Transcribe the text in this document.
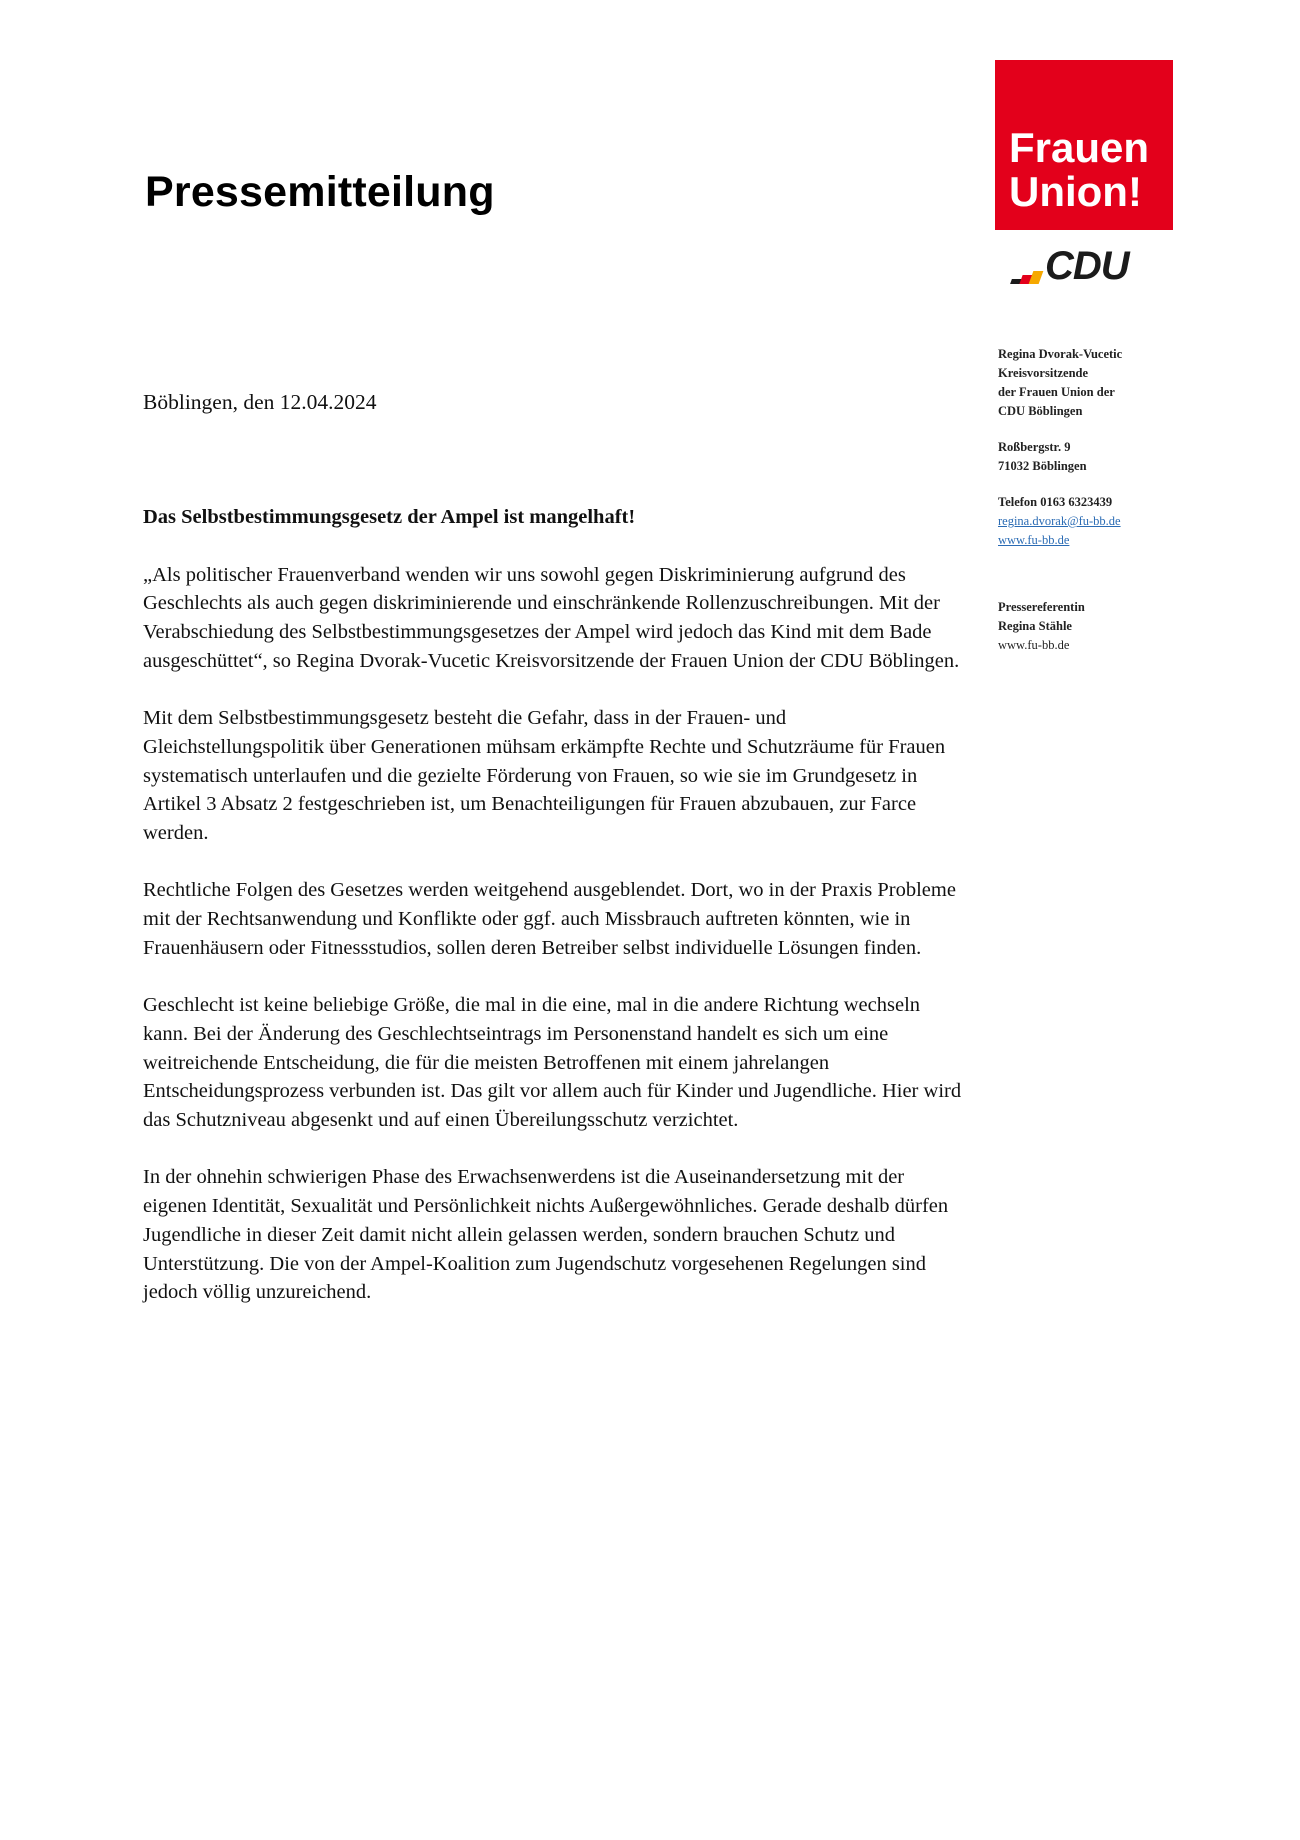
Pressemitteilung
Frauen
Union!
CDU
Regina Dvorak-Vucetic
Kreisvorsitzende
der Frauen Union der
CDU Böblingen
Roßbergstr. 9
71032 Böblingen
Telefon 0163 6323439
regina.dvorak@fu-bb.de
www.fu-bb.de
Pressereferentin
Regina Stähle
www.fu-bb.de
Böblingen, den 12.04.2024
Das Selbstbestimmungsgesetz der Ampel ist mangelhaft!

„Als politischer Frauenverband wenden wir uns sowohl gegen Diskriminierung aufgrund des Geschlechts als auch gegen diskriminierende und einschränkende Rollenzuschreibungen. Mit der Verabschiedung des Selbstbestimmungsgesetzes der Ampel wird jedoch das Kind mit dem Bade ausgeschüttet“, so Regina Dvorak-Vucetic Kreisvorsitzende der Frauen Union der CDU Böblingen.

Mit dem Selbstbestimmungsgesetz besteht die Gefahr, dass in der Frauen- und Gleichstellungspolitik über Generationen mühsam erkämpfte Rechte und Schutzräume für Frauen systematisch unterlaufen und die gezielte Förderung von Frauen, so wie sie im Grundgesetz in Artikel 3 Absatz 2 festgeschrieben ist, um Benachteiligungen für Frauen abzubauen, zur Farce werden.

Rechtliche Folgen des Gesetzes werden weitgehend ausgeblendet. Dort, wo in der Praxis Probleme mit der Rechtsanwendung und Konflikte oder ggf. auch Missbrauch auftreten könnten, wie in Frauenhäusern oder Fitnessstudios, sollen deren Betreiber selbst individuelle Lösungen finden.

Geschlecht ist keine beliebige Größe, die mal in die eine, mal in die andere Richtung wechseln kann. Bei der Änderung des Geschlechtseintrags im Personenstand handelt es sich um eine weitreichende Entscheidung, die für die meisten Betroffenen mit einem jahrelangen Entscheidungsprozess verbunden ist. Das gilt vor allem auch für Kinder und Jugendliche. Hier wird das Schutzniveau abgesenkt und auf einen Übereilungsschutz verzichtet.

In der ohnehin schwierigen Phase des Erwachsenwerdens ist die Auseinandersetzung mit der eigenen Identität, Sexualität und Persönlichkeit nichts Außergewöhnliches. Gerade deshalb dürfen Jugendliche in dieser Zeit damit nicht allein gelassen werden, sondern brauchen Schutz und Unterstützung. Die von der Ampel-Koalition zum Jugendschutz vorgesehenen Regelungen sind jedoch völlig unzureichend.
